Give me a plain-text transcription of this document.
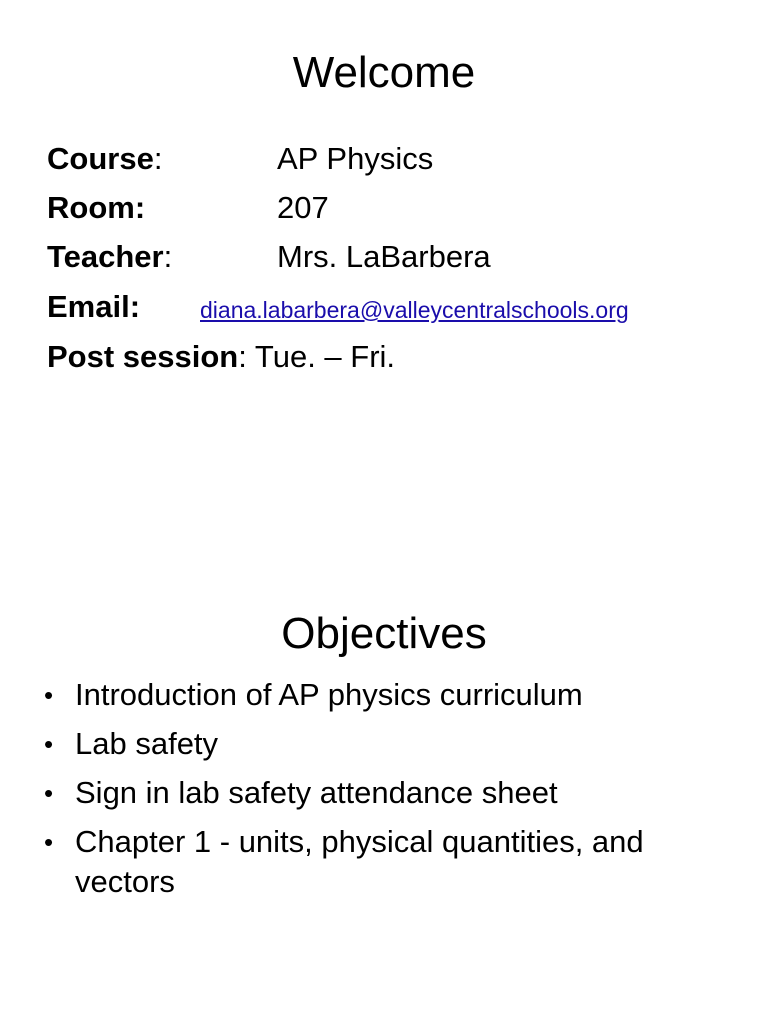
Welcome
Course:	AP Physics
Room:	207
Teacher:	Mrs. LaBarbera
Email:	diana.labarbera@valleycentralschools.org
Post session: Tue. – Fri.
Objectives
• Introduction of AP physics curriculum
• Lab safety
• Sign in lab safety attendance sheet
• Chapter 1 - units, physical quantities, and vectors
